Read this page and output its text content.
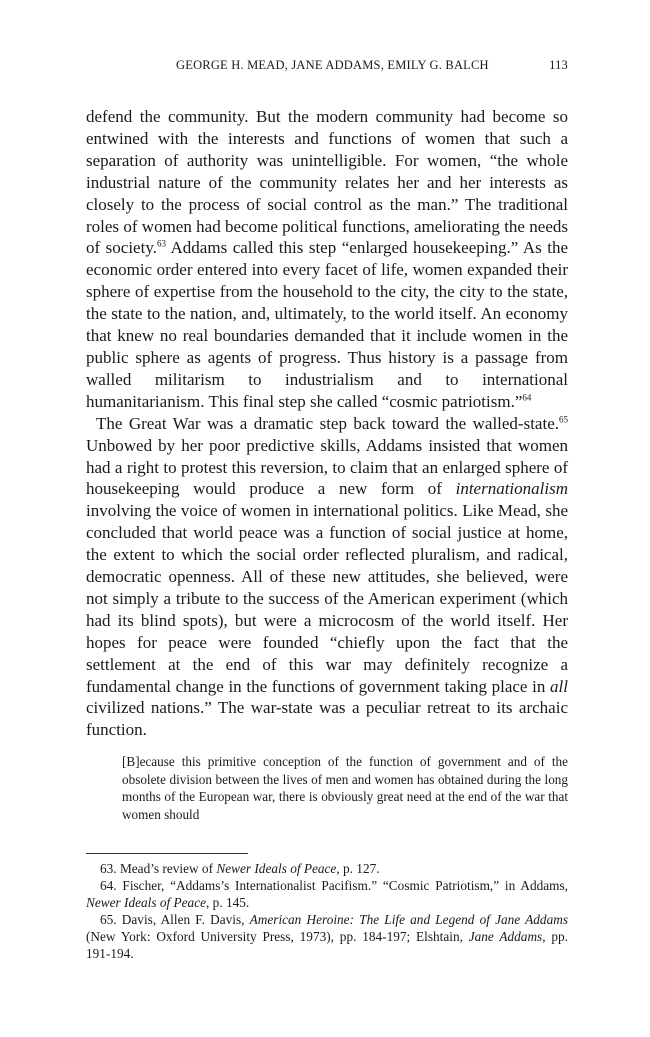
GEORGE H. MEAD, JANE ADDAMS, EMILY G. BALCH	113

defend the community. But the modern community had become so entwined with the interests and functions of women that such a separation of authority was unintelligible. For women, “the whole industrial nature of the community relates her and her interests as closely to the process of social control as the man.” The traditional roles of women had become political functions, ameliorating the needs of society.$^{63}$ Addams called this step “enlarged housekeeping.” As the economic order entered into every facet of life, women expanded their sphere of expertise from the household to the city, the city to the state, the state to the nation, and, ultimately, to the world itself. An economy that knew no real boundaries demanded that it include women in the public sphere as agents of progress. Thus history is a passage from walled militarism to industrialism and to international humanitarianism. This final step she called “cosmic patriotism.”$^{64}$

The Great War was a dramatic step back toward the walled-state.$^{65}$ Unbowed by her poor predictive skills, Addams insisted that women had a right to protest this reversion, to claim that an enlarged sphere of housekeeping would produce a new form of internationalism involving the voice of women in international politics. Like Mead, she concluded that world peace was a function of social justice at home, the extent to which the social order reflected pluralism, and radical, democratic openness. All of these new attitudes, she believed, were not simply a tribute to the success of the American experiment (which had its blind spots), but were a microcosm of the world itself. Her hopes for peace were founded “chiefly upon the fact that the settlement at the end of this war may definitely recognize a fundamental change in the functions of government taking place in all civilized nations.” The war-state was a peculiar retreat to its archaic function.

[B]ecause this primitive conception of the function of government and of the obsolete division between the lives of men and women has obtained during the long months of the European war, there is obviously great need at the end of the war that women should

63. Mead’s review of Newer Ideals of Peace, p. 127.

64. Fischer, “Addams’s Internationalist Pacifism.” “Cosmic Patriotism,” in Addams, Newer Ideals of Peace, p. 145.

65. Davis, Allen F. Davis, American Heroine: The Life and Legend of Jane Addams (New York: Oxford University Press, 1973), pp. 184-197; Elshtain, Jane Addams, pp. 191-194.
